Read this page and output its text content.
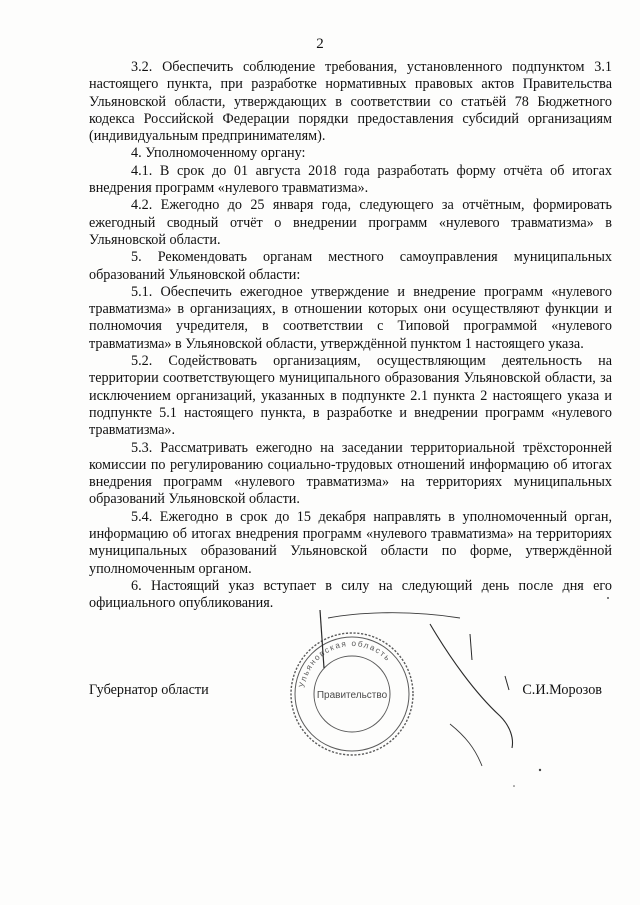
2

3.2. Обеспечить соблюдение требования, установленного подпунктом 3.1 настоящего пункта, при разработке нормативных правовых актов Правительства Ульяновской области, утверждающих в соответствии со статьёй 78 Бюджетного кодекса Российской Федерации порядки предоставления субсидий организациям (индивидуальным предпринимателям).

4. Уполномоченному органу:

4.1. В срок до 01 августа 2018 года разработать форму отчёта об итогах внедрения программ «нулевого травматизма».

4.2. Ежегодно до 25 января года, следующего за отчётным, формировать ежегодный сводный отчёт о внедрении программ «нулевого травматизма» в Ульяновской области.

5. Рекомендовать органам местного самоуправления муниципальных образований Ульяновской области:

5.1. Обеспечить ежегодное утверждение и внедрение программ «нулевого травматизма» в организациях, в отношении которых они осуществляют функции и полномочия учредителя, в соответствии с Типовой программой «нулевого травматизма» в Ульяновской области, утверждённой пунктом 1 настоящего указа.

5.2. Содействовать организациям, осуществляющим деятельность на территории соответствующего муниципального образования Ульяновской области, за исключением организаций, указанных в подпункте 2.1 пункта 2 настоящего указа и подпункте 5.1 настоящего пункта, в разработке и внедрении программ «нулевого травматизма».

5.3. Рассматривать ежегодно на заседании территориальной трёхсторонней комиссии по регулированию социально-трудовых отношений информацию об итогах внедрения программ «нулевого травматизма» на территориях муниципальных образований Ульяновской области.

5.4. Ежегодно в срок до 15 декабря направлять в уполномоченный орган, информацию об итогах внедрения программ «нулевого травматизма» на территориях муниципальных образований Ульяновской области по форме, утверждённой уполномоченным органом.

6. Настоящий указ вступает в силу на следующий день после дня его официального опубликования.

Ульяновская область
Правительство
Губернатор области	С.И.Морозов
